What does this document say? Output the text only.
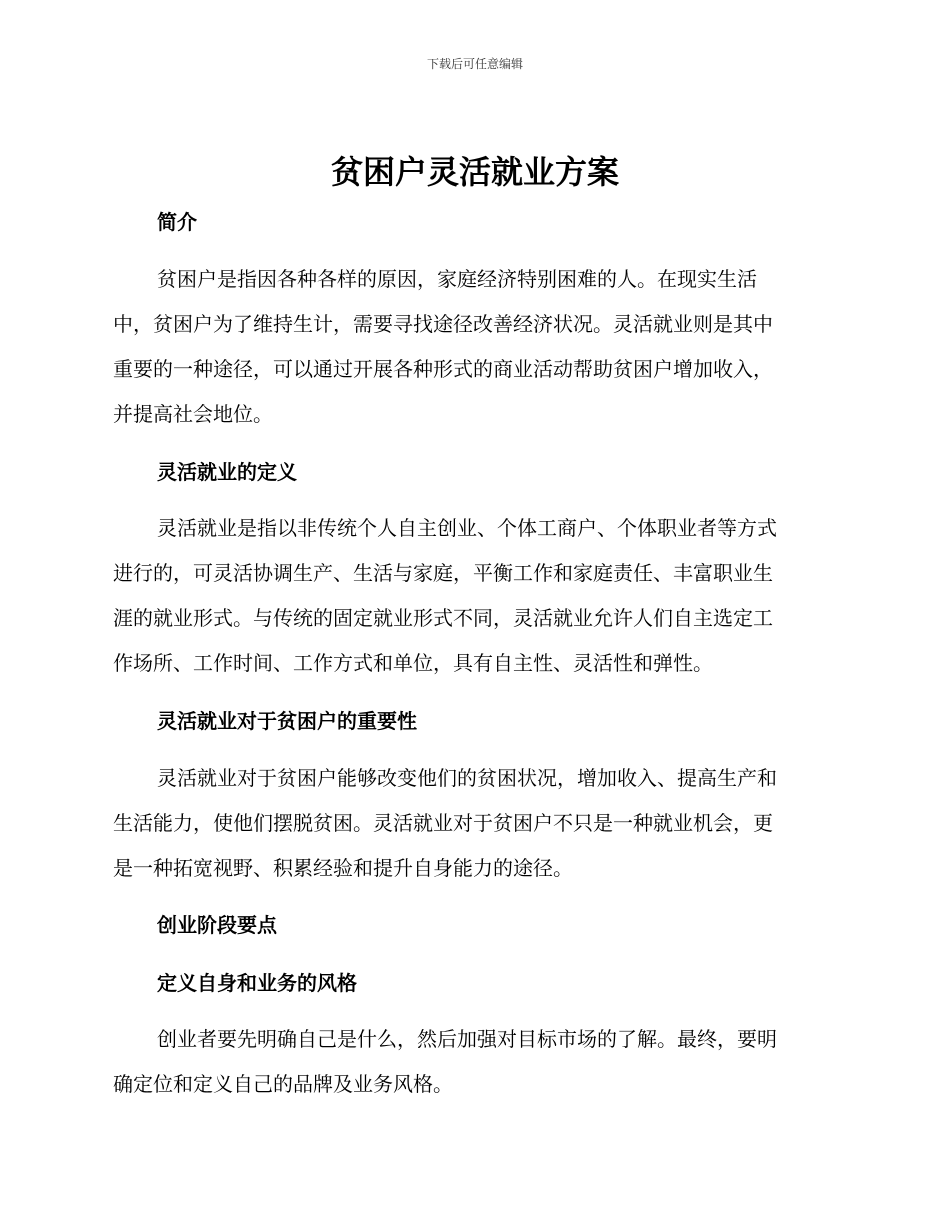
下载后可任意编辑
贫困户灵活就业方案
简介
贫困户是指因各种各样的原因，家庭经济特别困难的人。在现实生活
中，贫困户为了维持生计，需要寻找途径改善经济状况。灵活就业则是其中
重要的一种途径，可以通过开展各种形式的商业活动帮助贫困户增加收入，
并提高社会地位。
灵活就业的定义
灵活就业是指以非传统个人自主创业、个体工商户、个体职业者等方式
进行的，可灵活协调生产、生活与家庭，平衡工作和家庭责任、丰富职业生
涯的就业形式。与传统的固定就业形式不同，灵活就业允许人们自主选定工
作场所、工作时间、工作方式和单位，具有自主性、灵活性和弹性。
灵活就业对于贫困户的重要性
灵活就业对于贫困户能够改变他们的贫困状况，增加收入、提高生产和
生活能力，使他们摆脱贫困。灵活就业对于贫困户不只是一种就业机会，更
是一种拓宽视野、积累经验和提升自身能力的途径。
创业阶段要点
定义自身和业务的风格
创业者要先明确自己是什么，然后加强对目标市场的了解。最终，要明
确定位和定义自己的品牌及业务风格。
